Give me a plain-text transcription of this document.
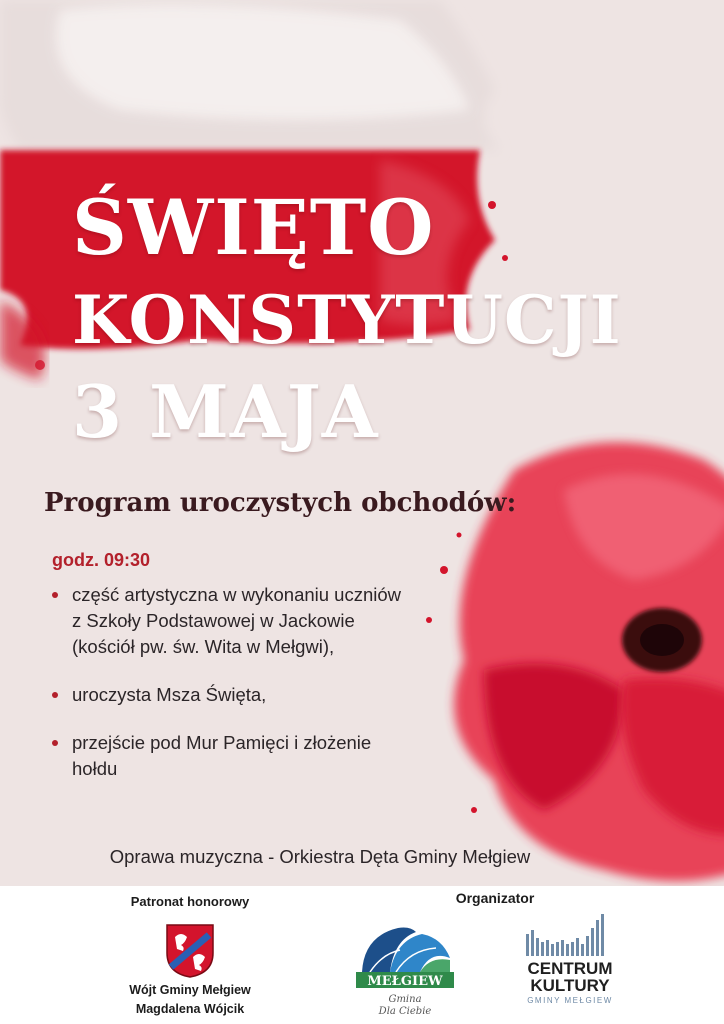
ŚWIĘTO
KONSTYTUCJI
3 MAJA
Program uroczystych obchodów:
godz. 09:30
część artystyczna w wykonaniu uczniów
z Szkoły Podstawowej w Jackowie
(kościół pw. św. Wita w Mełgwi),
uroczysta Msza Święta,
przejście pod Mur Pamięci i złożenie
hołdu
Oprawa muzyczna - Orkiestra Dęta Gminy Mełgiew
Patronat honorowy
Wójt Gminy Mełgiew
Magdalena Wójcik
Organizator
MEŁGIEW
Gmina
Dla Ciebie
CENTRUM
KULTURY
GMINY MEŁGIEW
